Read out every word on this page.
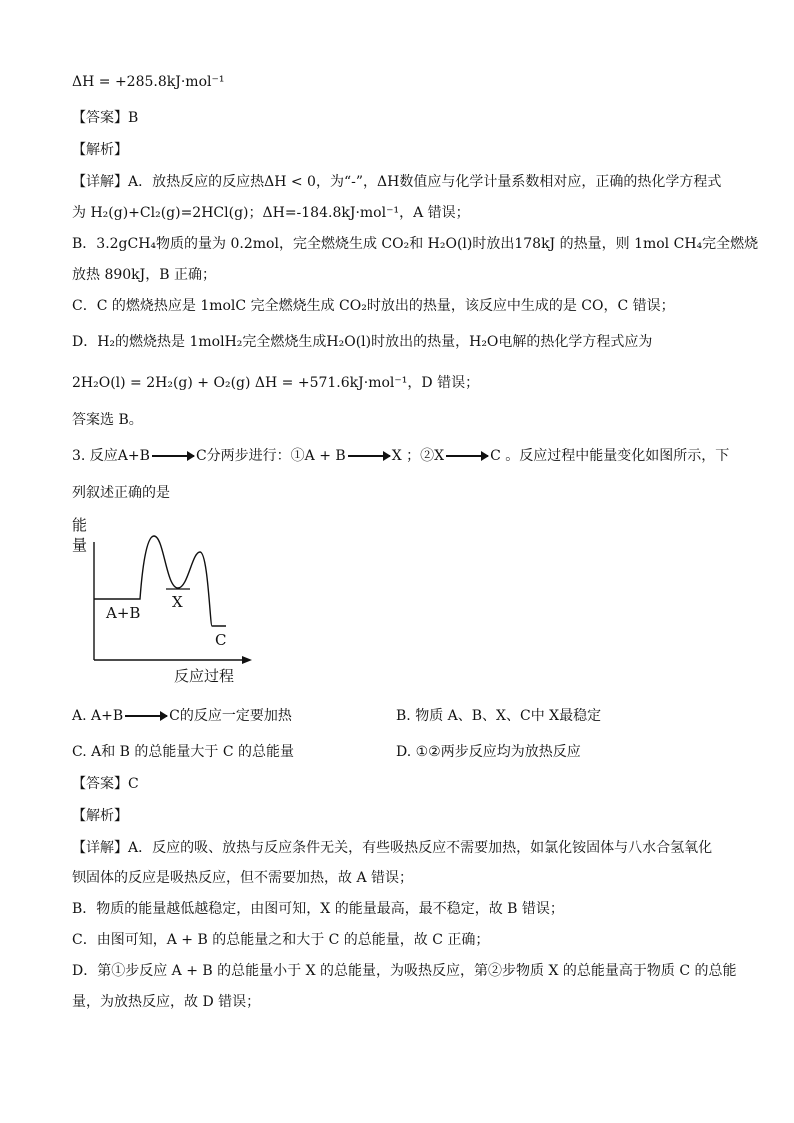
ΔH = +285.8kJ·mol⁻¹
【答案】B
【解析】
【详解】A．放热反应的反应热ΔH < 0，为“-”，ΔH数值应与化学计量系数相对应，正确的热化学方程式
为 H₂(g)+Cl₂(g)=2HCl(g)；ΔH=-184.8kJ·mol⁻¹，A 错误；
B．3.2gCH₄物质的量为 0.2mol，完全燃烧生成 CO₂和 H₂O(l)时放出178kJ 的热量，则 1mol CH₄完全燃烧
放热 890kJ，B 正确；
C．C 的燃烧热应是 1molC 完全燃烧生成 CO₂时放出的热量，该反应中生成的是 CO，C 错误；
D．H₂的燃烧热是 1molH₂完全燃烧生成H₂O(l)时放出的热量，H₂O电解的热化学方程式应为
2H₂O(l) = 2H₂(g) + O₂(g) ΔH = +571.6kJ·mol⁻¹，D 错误；
答案选 B。
3. 反应A+B → C分两步进行：①A + B → X ；②X → C 。反应过程中能量变化如图所示，下
列叙述正确的是
能
量
A+B
X
C
反应过程
A. A+B → C的反应一定要加热	B. 物质 A、B、X、C中 X最稳定
C. A和 B 的总能量大于 C 的总能量	D. ①②两步反应均为放热反应
【答案】C
【解析】
【详解】A．反应的吸、放热与反应条件无关，有些吸热反应不需要加热，如氯化铵固体与八水合氢氧化
钡固体的反应是吸热反应，但不需要加热，故 A 错误；
B．物质的能量越低越稳定，由图可知，X 的能量最高，最不稳定，故 B 错误；
C．由图可知，A + B 的总能量之和大于 C 的总能量，故 C 正确；
D．第①步反应 A + B 的总能量小于 X 的总能量，为吸热反应，第②步物质 X 的总能量高于物质 C 的总能
量，为放热反应，故 D 错误；
